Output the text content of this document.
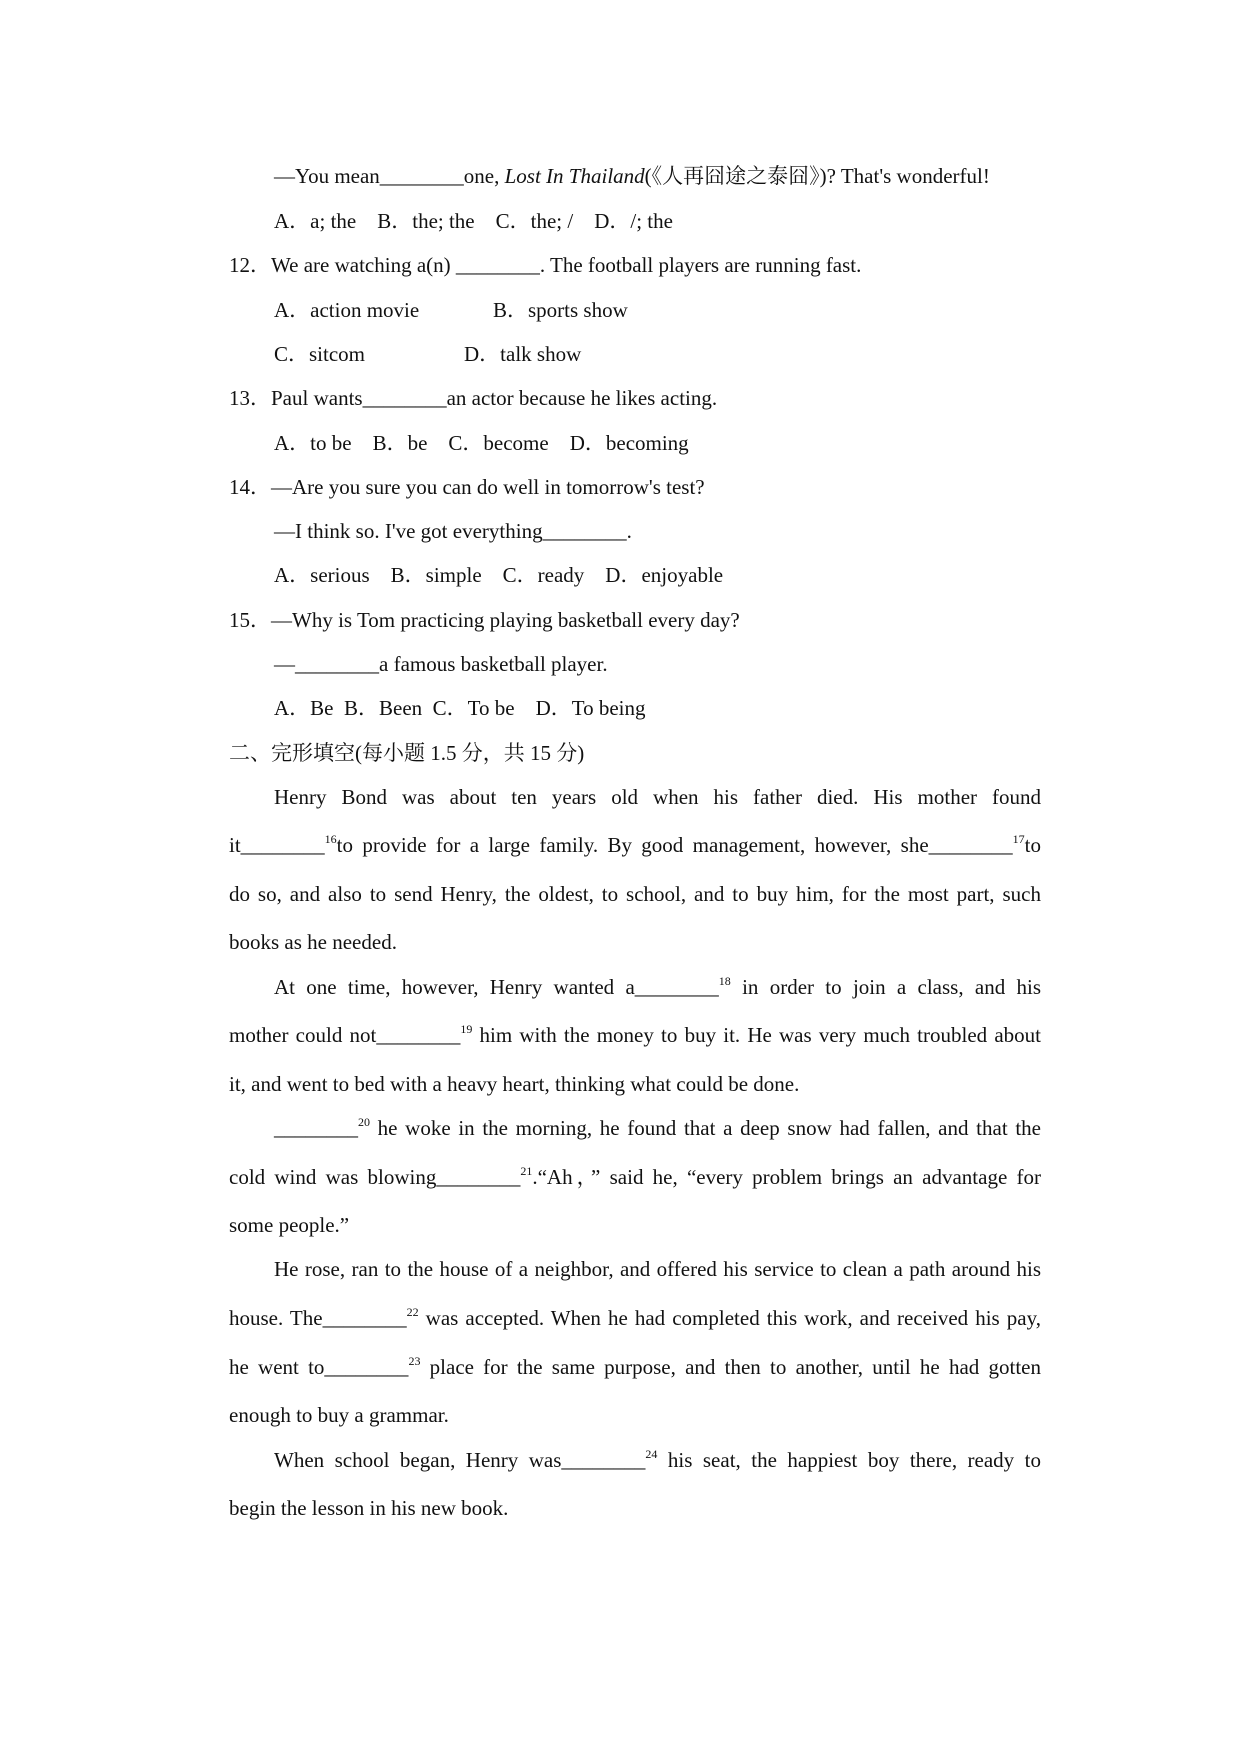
—You mean________one, Lost In Thailand(《人再囧途之泰囧》)? That's wonderful!
A．a; the    B．the; the    C．the; /    D．/; the
12．We are watching a(n) ________. The football players are running fast.
A．action movie	B．sports show
C．sitcom	D．talk show
13．Paul wants________an actor because he likes acting.
A．to be    B．be    C．become    D．becoming
14．—Are you sure you can do well in tomorrow's test?
—I think so. I've got everything________.
A．serious    B．simple    C．ready    D．enjoyable
15．—Why is Tom practicing playing basketball every day?
—________a famous basketball player.
A．Be  B．Been  C．To be    D．To being
二、完形填空(每小题 1.5 分，共 15 分)
Henry Bond was about ten years old when his father died. His mother found
it________$^{16}$to provide for a large family. By good management, however, she________$^{17}$to
do so, and also to send Henry, the oldest, to school, and to buy him, for the most part, such
books as he needed.
At one time, however, Henry wanted a________$^{18}$ in order to join a class, and his
mother could not________$^{19}$ him with the money to buy it. He was very much troubled about
it, and went to bed with a heavy heart, thinking what could be done.
________$^{20}$ he woke in the morning, he found that a deep snow had fallen, and that the
cold wind was blowing________$^{21}$.“Ah，” said he, “every problem brings an advantage for
some people.”
He rose, ran to the house of a neighbor, and offered his service to clean a path around his
house. The________$^{22}$ was accepted. When he had completed this work, and received his pay,
he went to________$^{23}$ place for the same purpose, and then to another, until he had gotten
enough to buy a grammar.
When school began, Henry was________$^{24}$ his seat, the happiest boy there, ready to
begin the lesson in his new book.
